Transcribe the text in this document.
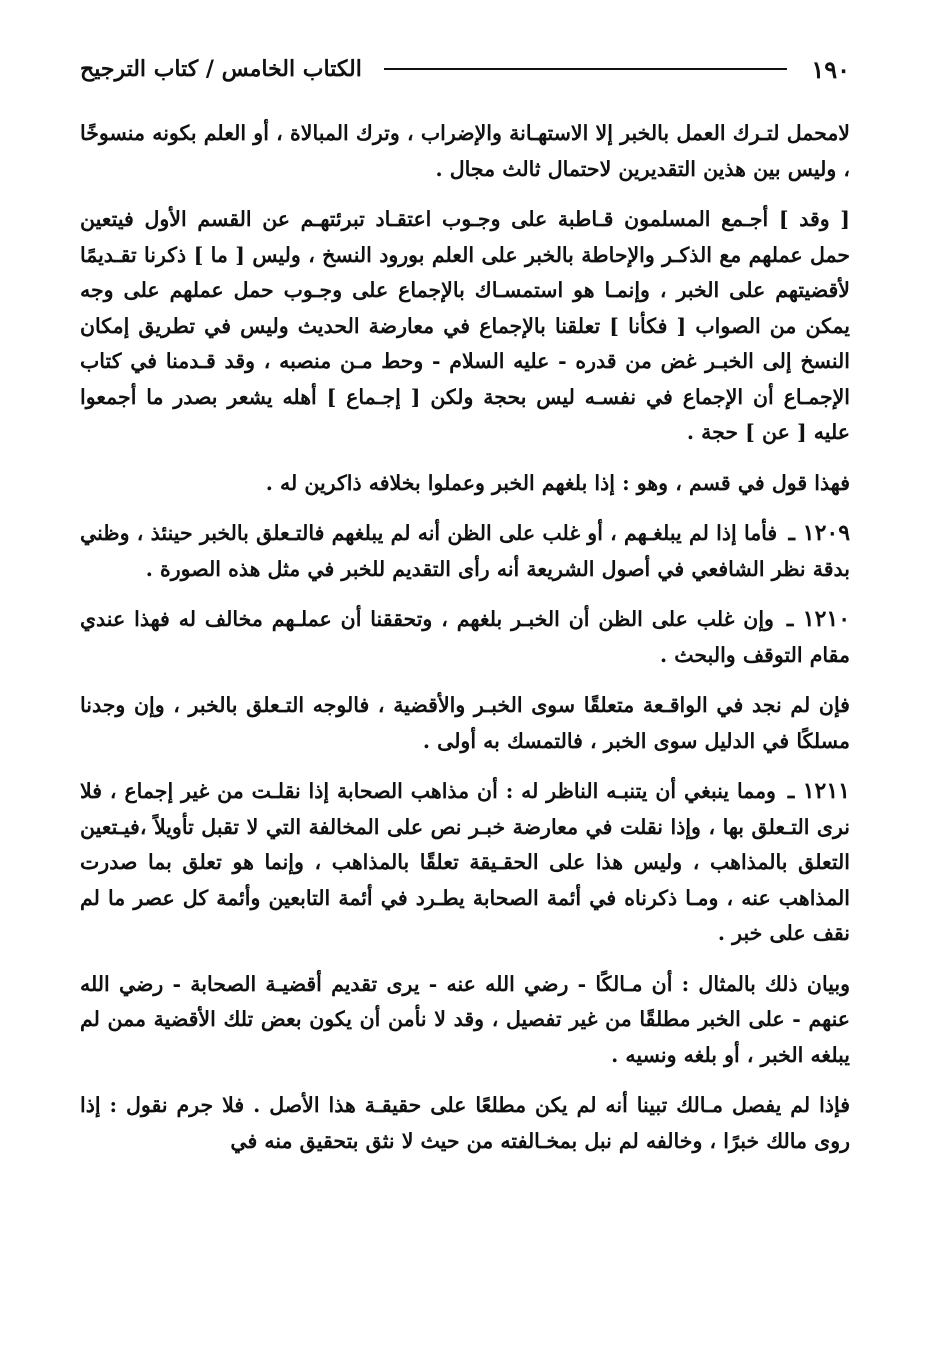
١٩٠
الكتاب الخامس / كتاب الترجيح

لامحمل لتـرك العمل بالخبر إلا الاستهـانة والإضراب ، وترك المبالاة ، أو العلم بكونه منسوخًا ، وليس بين هذين التقديرين لاحتمال ثالث مجال .

[ وقد ] أجـمع المسلمون قـاطبة على وجـوب اعتقـاد تبرئتهـم عن القسم الأول فيتعين حمل عملهم مع الذكـر والإحاطة بالخبر على العلم بورود النسخ ، وليس [ ما ] ذكرنا تقـديمًا لأقضيتهم على الخبر ، وإنمـا هو استمسـاك بالإجماع على وجـوب حمل عملهم على وجه يمكن من الصواب [ فكأنا ] تعلقنا بالإجماع في معارضة الحديث وليس في تطريق إمكان النسخ إلى الخبـر غض من قدره - عليه السلام - وحط مـن منصبه ، وقد قـدمنا في كتاب الإجمـاع أن الإجماع في نفسـه ليس بحجة ولكن [ إجـماع ] أهله يشعر بصدر ما أجمعوا عليه [ عن ] حجة .

فهذا قول في قسم ، وهو : إذا بلغهم الخبر وعملوا بخلافه ذاكرين له .

١٢٠٩ ـ فأما إذا لم يبلغـهم ، أو غلب على الظن أنه لم يبلغهم فالتـعلق بالخبر حينئذ ، وظني بدقة نظر الشافعي في أصول الشريعة أنه رأى التقديم للخبر في مثل هذه الصورة .

١٢١٠ ـ وإن غلب على الظن أن الخبـر بلغهم ، وتحققنا أن عملـهم مخالف له فهذا عندي مقام التوقف والبحث .

فإن لم نجد في الواقـعة متعلقًا سوى الخبـر والأقضية ، فالوجه التـعلق بالخبر ، وإن وجدنا مسلكًا في الدليل سوى الخبر ، فالتمسك به أولى .

١٢١١ ـ ومما ينبغي أن يتنبـه الناظر له : أن مذاهب الصحابة إذا نقلـت من غير إجماع ، فلا نرى التـعلق بها ، وإذا نقلت في معارضة خبـر نص على المخالفة التي لا تقبل تأويلاً ،فيـتعين التعلق بالمذاهب ، وليس هذا على الحقـيقة تعلقًا بالمذاهب ، وإنما هو تعلق بما صدرت المذاهب عنه ، ومـا ذكرناه في أئمة الصحابة يطـرد في أئمة التابعين وأئمة كل عصر ما لم نقف على خبر .

وبيان ذلك بالمثال : أن مـالكًا - رضي الله عنه - يرى تقديم أقضيـة الصحابة - رضي الله عنهم - على الخبر مطلقًا من غير تفصيل ، وقد لا نأمن أن يكون بعض تلك الأقضية ممن لم يبلغه الخبر ، أو بلغه ونسيه .

فإذا لم يفصل مـالك تبينا أنه لم يكن مطلعًا على حقيقـة هذا الأصل . فلا جرم نقول : إذا روى مالك خبرًا ، وخالفه لم نبل بمخـالفته من حيث لا نثق بتحقيق منه في
